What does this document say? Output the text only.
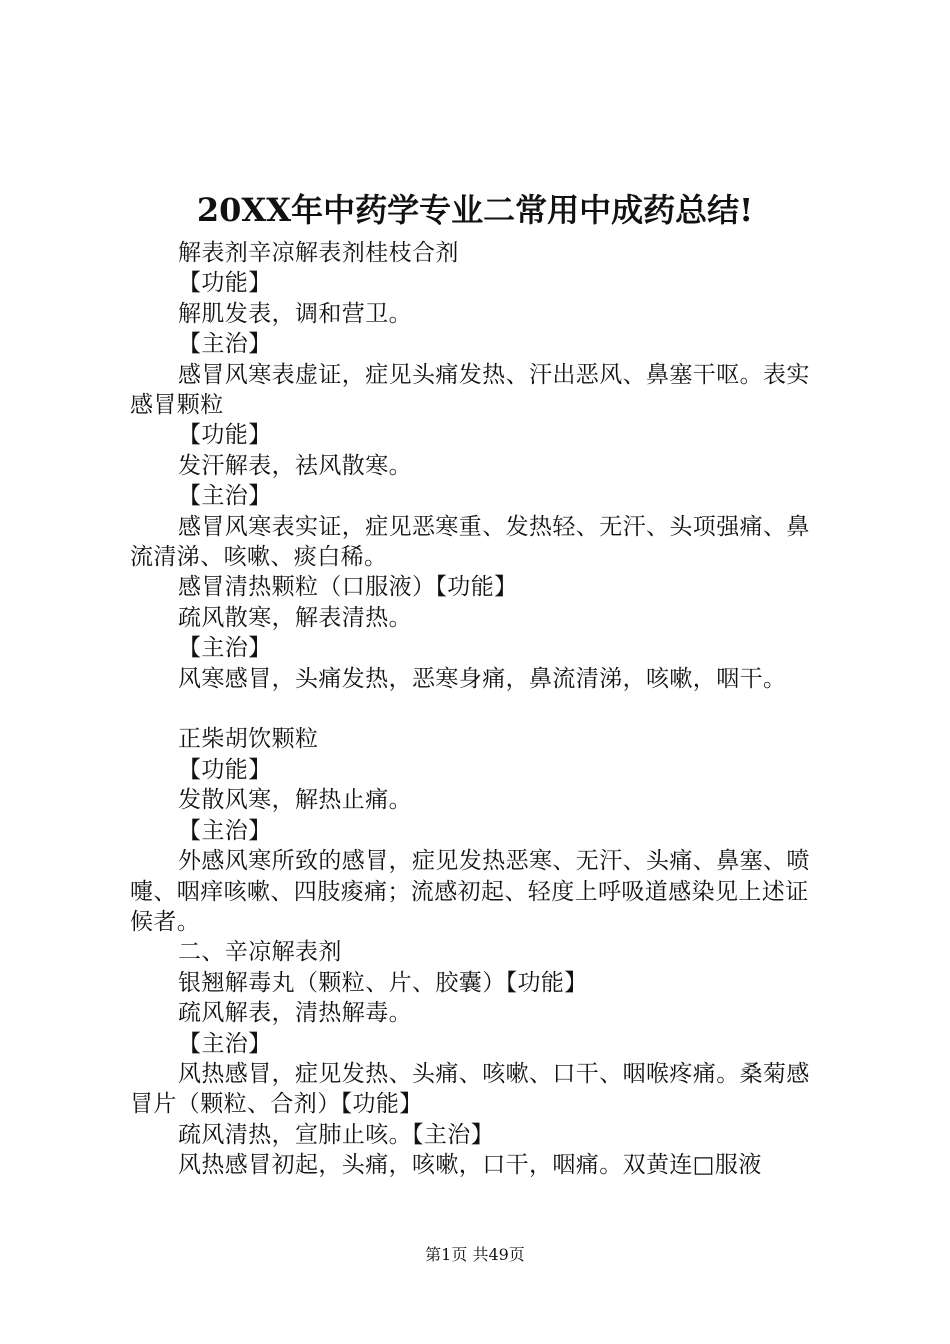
20XX年中药学专业二常用中成药总结!

解表剂辛凉解表剂桂枝合剂

【功能】

解肌发表，调和营卫。

【主治】

感冒风寒表虚证，症见头痛发热、汗出恶风、鼻塞干呕。表实感冒颗粒

【功能】

发汗解表，祛风散寒。

【主治】

感冒风寒表实证，症见恶寒重、发热轻、无汗、头项强痛、鼻流清涕、咳嗽、痰白稀。

感冒清热颗粒（口服液）【功能】

疏风散寒，解表清热。

【主治】

风寒感冒，头痛发热，恶寒身痛，鼻流清涕，咳嗽，咽干。

正柴胡饮颗粒

【功能】

发散风寒，解热止痛。

【主治】

外感风寒所致的感冒，症见发热恶寒、无汗、头痛、鼻塞、喷嚏、咽痒咳嗽、四肢痠痛；流感初起、轻度上呼吸道感染见上述证候者。

二、辛凉解表剂

银翘解毒丸（颗粒、片、胶囊）【功能】

疏风解表，清热解毒。

【主治】

风热感冒，症见发热、头痛、咳嗽、口干、咽喉疼痛。桑菊感冒片（颗粒、合剂）【功能】

疏风清热，宣肺止咳。【主治】

风热感冒初起，头痛，咳嗽，口干，咽痛。双黄连□服液

第1页 共49页
